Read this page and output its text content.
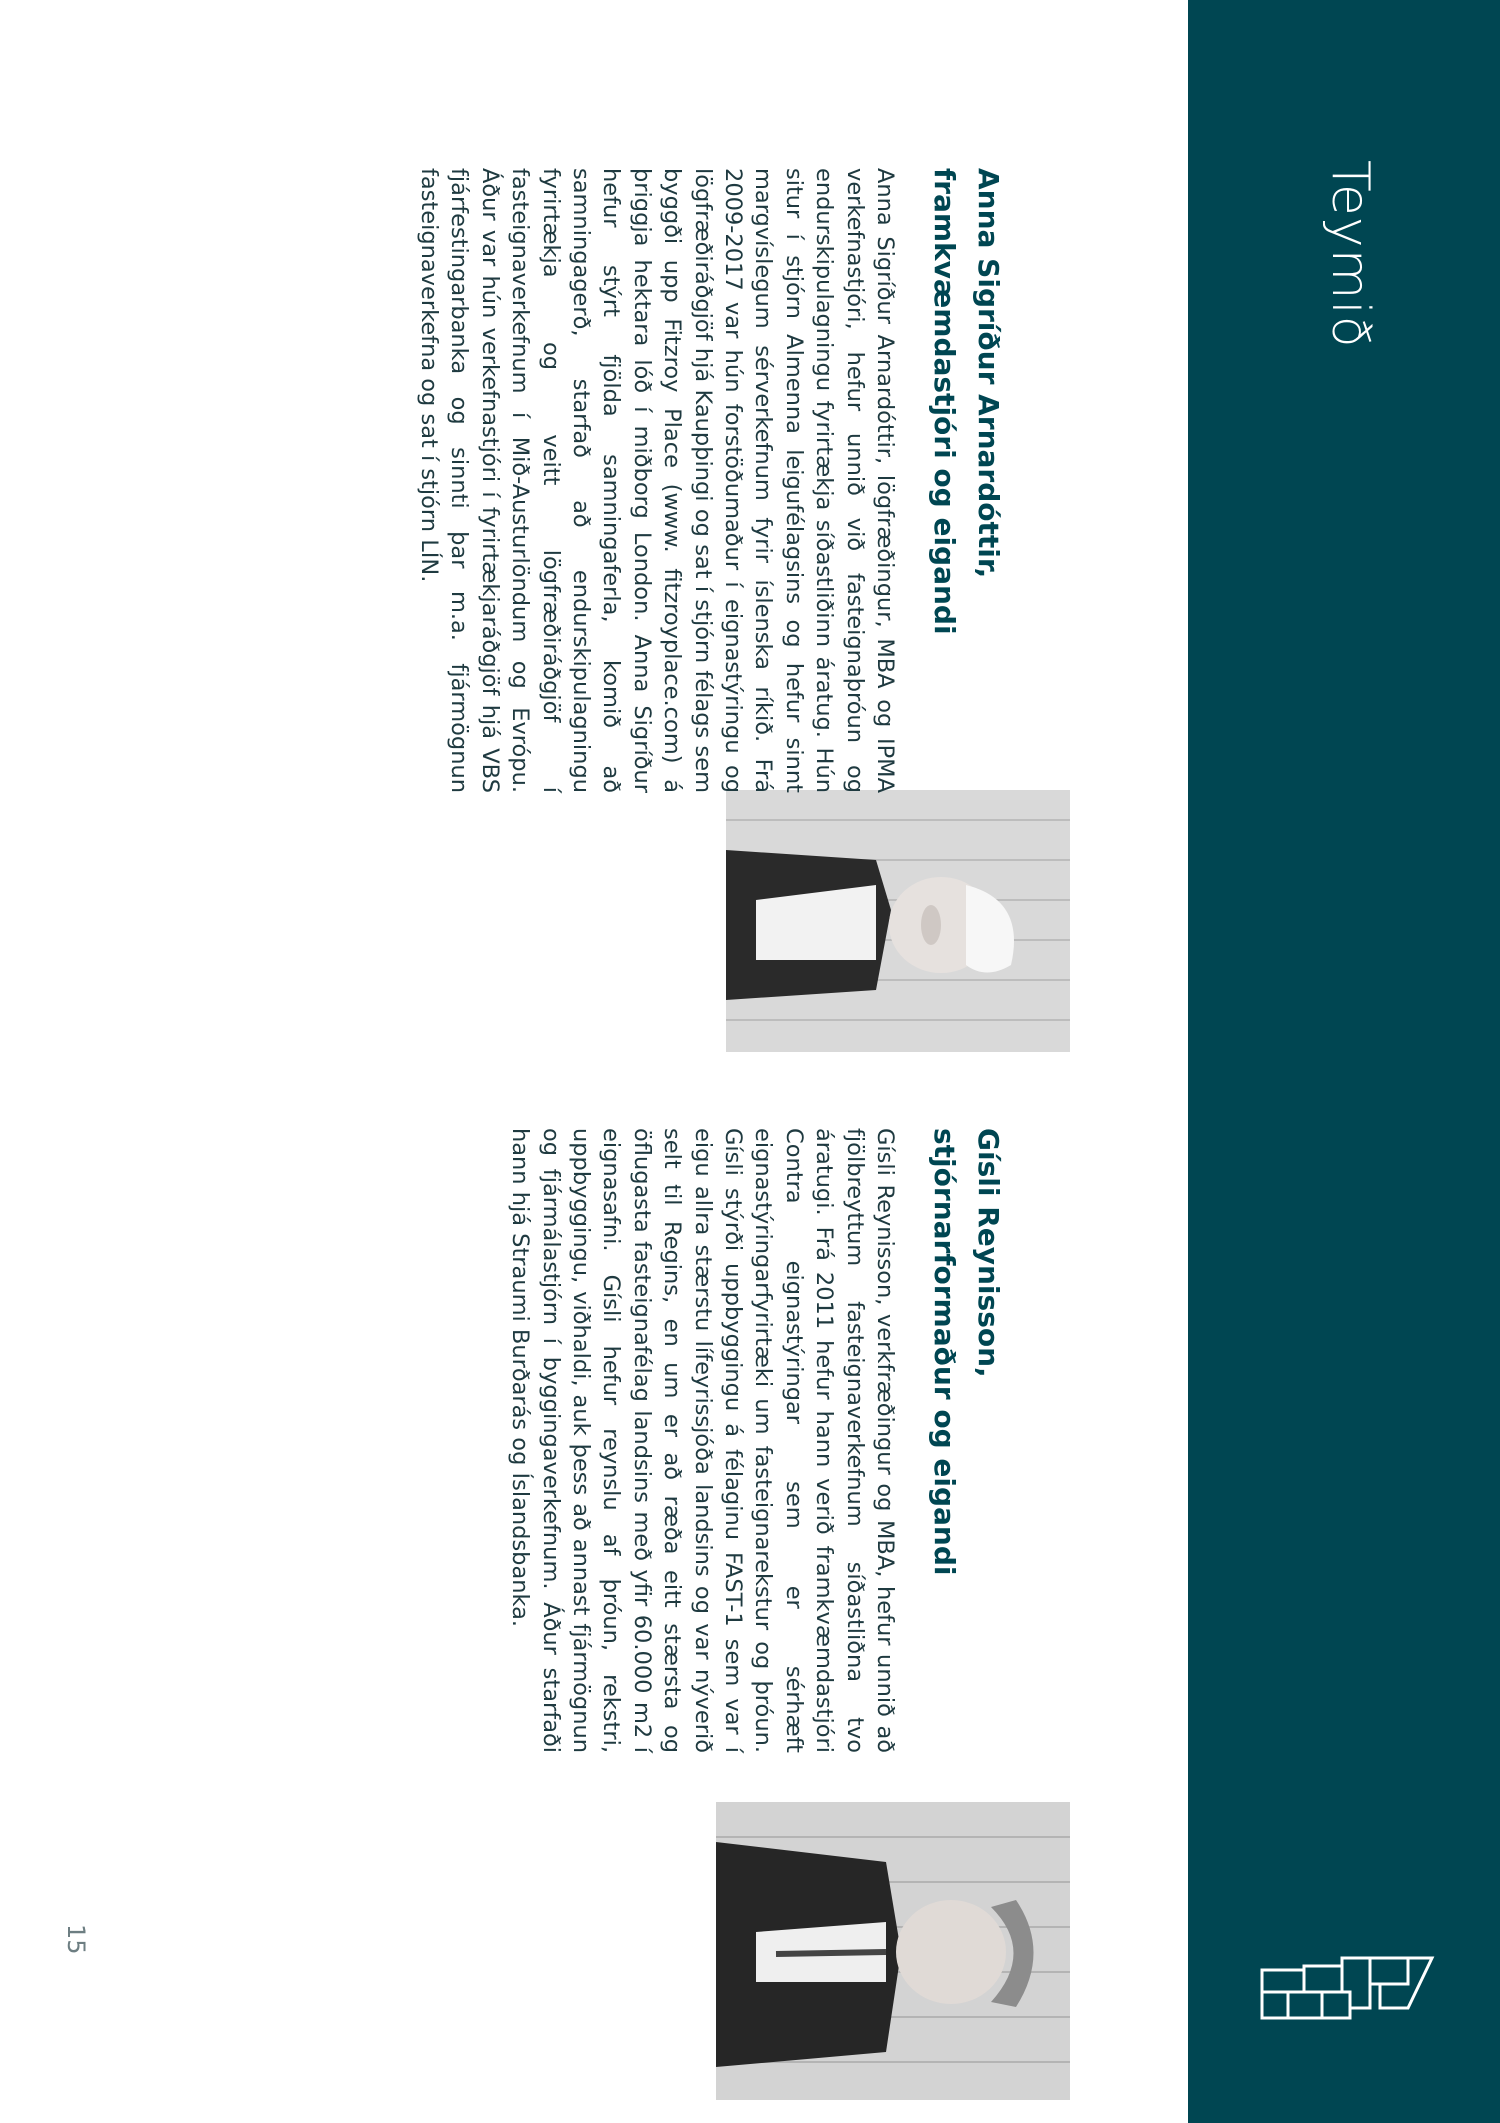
Teymið
Anna Sigríður Arnardóttir,
framkvæmdastjóri og eigandi

Anna Sigríður Arnardóttir, lögfræðingur, MBA og IPMA verkefnastjóri, hefur unnið við fasteignaþróun og endurskipulagningu fyrirtækja síðastliðinn áratug. Hún situr í stjórn Almenna leigufélagsins og hefur sinnt margvíslegum sérverkefnum fyrir íslenska ríkið. Frá 2009-2017 var hún forstöðumaður í eignastýringu og lögfræðiráðgjöf hjá Kaupþingi og sat í stjórn félags sem byggði upp Fitzroy Place (www. fitzroyplace.com) á þriggja hektara lóð í miðborg London. Anna Sigríður hefur stýrt fjölda samningaferla, komið að samningagerð, starfað að endurskipulagningu fyrirtækja og veitt lögfræðiráðgjöf í fasteignaverkefnum í Mið-Austurlöndum og Evrópu. Áður var hún verkefnastjóri í fyrirtækjaráðgjöf hjá VBS fjárfestingarbanka og sinnti þar m.a. fjármögnun fasteignaverkefna og sat í stjórn LÍN.

Gísli Reynisson,
stjórnarformaður og eigandi

Gísli Reynisson, verkfræðingur og MBA, hefur unnið að fjölbreyttum fasteignaverkefnum síðastliðna tvo áratugi. Frá 2011 hefur hann verið framkvæmdastjóri Contra eignastýringar sem er sérhæft eignastýringarfyrirtæki um fasteignarekstur og þróun. Gísli stýrði uppbyggingu á félaginu FAST-1 sem var í eigu allra stærstu lífeyrissjóða landsins og var nýverið selt til Regins, en um er að ræða eitt stærsta og öflugasta fasteignafélag landsins með yfir 60.000 m2 í eignasafni. Gísli hefur reynslu af þróun, rekstri, uppbyggingu, viðhaldi, auk þess að annast fjármögnun og fjármálastjórn í byggingaverkefnum. Áður starfaði hann hjá Straumi Burðarás og Íslandsbanka.

15
